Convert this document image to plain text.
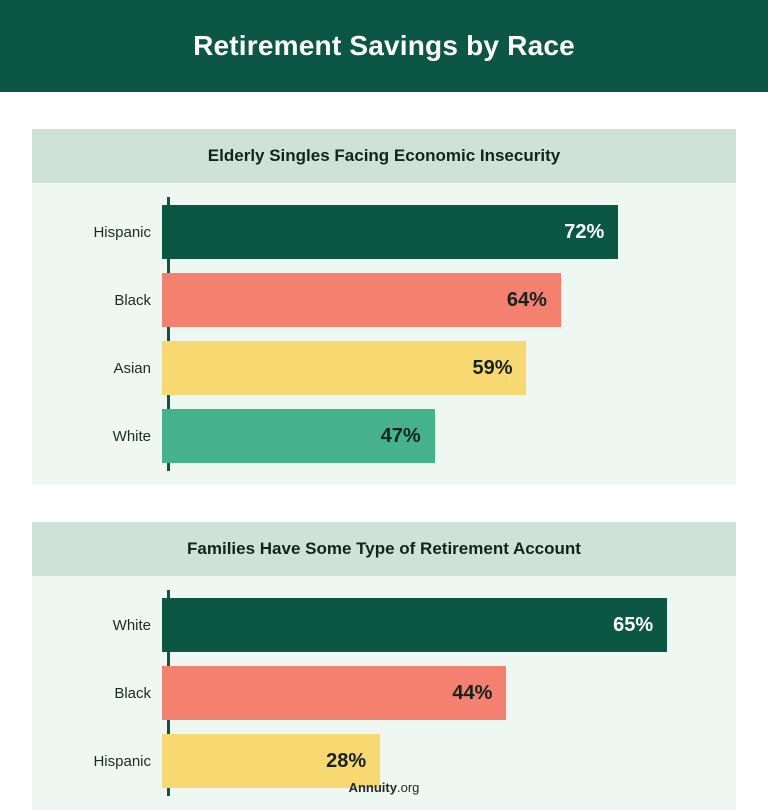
Retirement Savings by Race
Elderly Singles Facing Economic Insecurity
Hispanic	72%
Black	64%
Asian	59%
White	47%
Families Have Some Type of Retirement Account
White	65%
Black	44%
Hispanic	28%
Annuity.org
